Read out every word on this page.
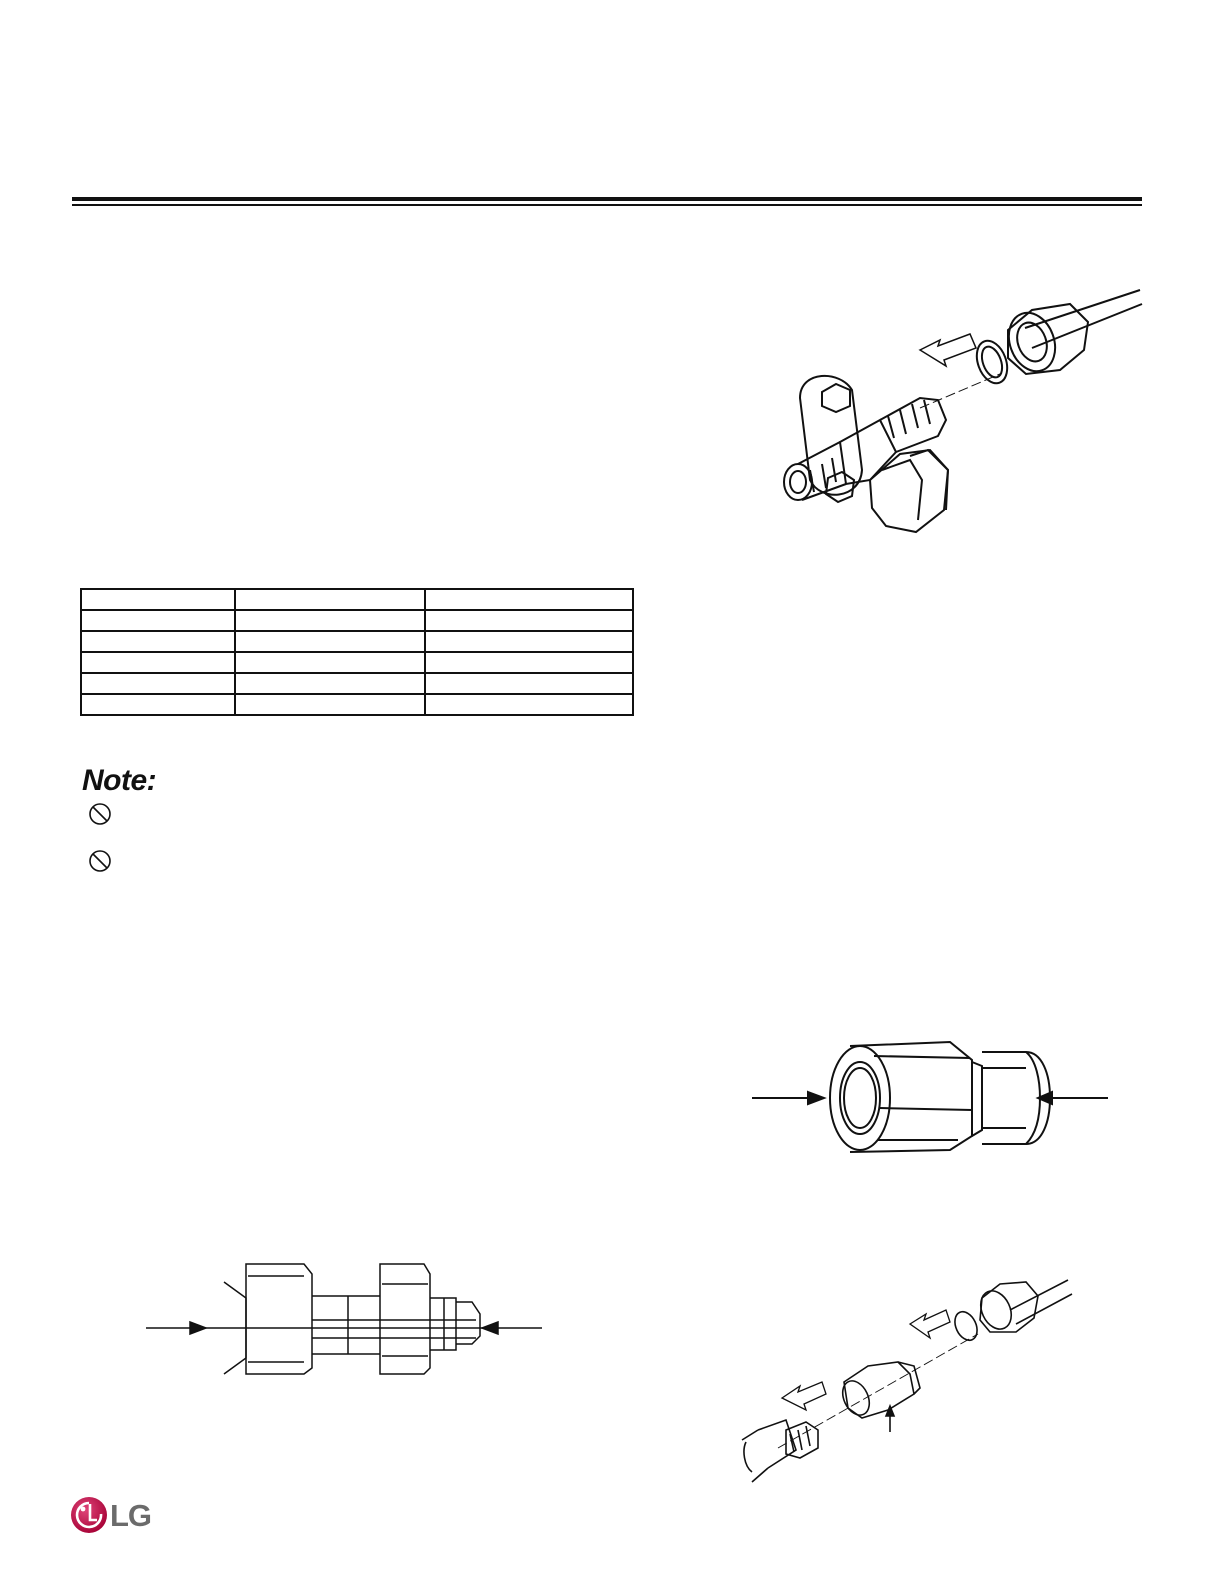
Note:
LG
